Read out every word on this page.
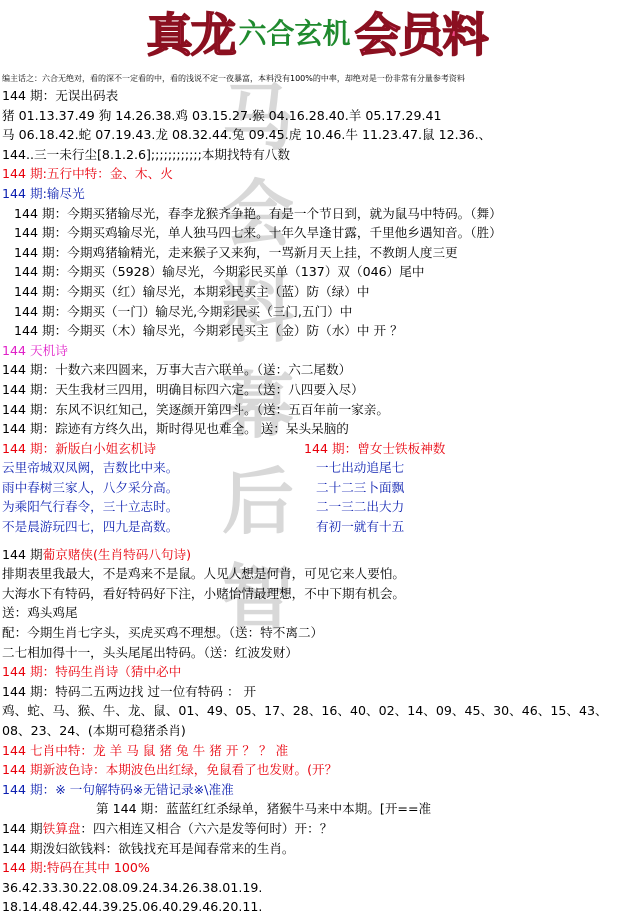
马
会
料
幕
后
智
真龙 六合玄机 会员料
编主话之：六合无绝对，看的深不一定看的中，看的浅说不定一夜暴富，本料没有100%的中率，却绝对是一份非常有分量参考资料
144 期：无误出码表
猪 01.13.37.49 狗 14.26.38.鸡 03.15.27.猴 04.16.28.40.羊 05.17.29.41
马 06.18.42.蛇 07.19.43.龙 08.32.44.兔 09.45.虎 10.46.牛 11.23.47.鼠 12.36.、
144..三一未行尘[8.1.2.6];;;;;;;;;;;;本期找特有八数
144 期:五行中特：金、木、火
144 期:输尽光
144 期：今期买猪输尽光，春李龙猴齐争艳。有是一个节日到，就为鼠马中特码。（舞）
144 期：今期买鸡输尽光，单人独马四七来。十年久旱逢甘露，千里他乡遇知音。（胜）
144 期：今期鸡猪输精光，走来猴子又来狗，一骂新月天上挂，不教朗人度三更
144 期：今期买（5928）输尽光，今期彩民买单（137）双（046）尾中
144 期：今期买（红）输尽光，本期彩民买主（蓝）防（绿）中
144 期：今期买（一门）输尽光,今期彩民买（三门,五门）中
144 期：今期买（木）输尽光，今期彩民买主（金）防（水）中 开 ？
144 天机诗
144 期：十数六来四圆来，万事大吉六联单。（送：六二尾数）
144 期：天生我材三四用，明确目标四六定。（送：八四要入尽）
144 期：东风不识红知己，笑逐颜开第四斗。（送：五百年前一家亲。
144 期：踪迹有方终久出，斯时得见也难全。 送：呆头呆脑的
144 期：新版白小姐玄机诗
云里帝城双凤阙，吉数比中来。
雨中春树三家人，八夕采分高。
为乘阳气行春令，三十立志时。
不是晨游玩四七，四九是高数。
144 期：曾女士铁板神数
一七出动追尾七
二十二三卜面飘
二一三二出大力
有初一就有十五
144 期葡京赌侠(生肖特码八句诗)
排期表里我最大，不是鸡来不是鼠。人见人想是何肖，可见它来人要怕。
大海水下有特码，看好特码好下注，小赌怡情最理想，不中下期有机会。
送：鸡头鸡尾
配：今期生肖七字头，买虎买鸡不理想。（送：特不离二）
二七相加得十一，头头尾尾出特码。（送：红波发财）
144 期：特码生肖诗（猜中必中
144 期：特码二五两边找 过一位有特码 ： 开
鸡、蛇、马、猴、牛、龙、鼠、01、49、05、17、28、16、40、02、14、09、45、30、46、15、43、
08、23、24、(本期可稳猪杀肖)
144 七肖中特：龙 羊 马 鼠 猪 兔 牛 猪 开 ？ ？ 准
144 期新波色诗：本期波色出红绿，免鼠看了也发财。(开？
144 期：※ 一句解特码※无错记录※\准准
第 144 期：蓝蓝红红杀绿单，猪猴牛马来中本期。[开==准
144 期铁算盘：四六相连又相合（六六是发等何时）开：？
144 期泼妇欲钱料：欲钱找充耳是闻春常来的生肖。
144 期:特码在其中 100%
36.42.33.30.22.08.09.24.34.26.38.01.19.
18.14.48.42.44.39.25.06.40.29.46.20.11.
